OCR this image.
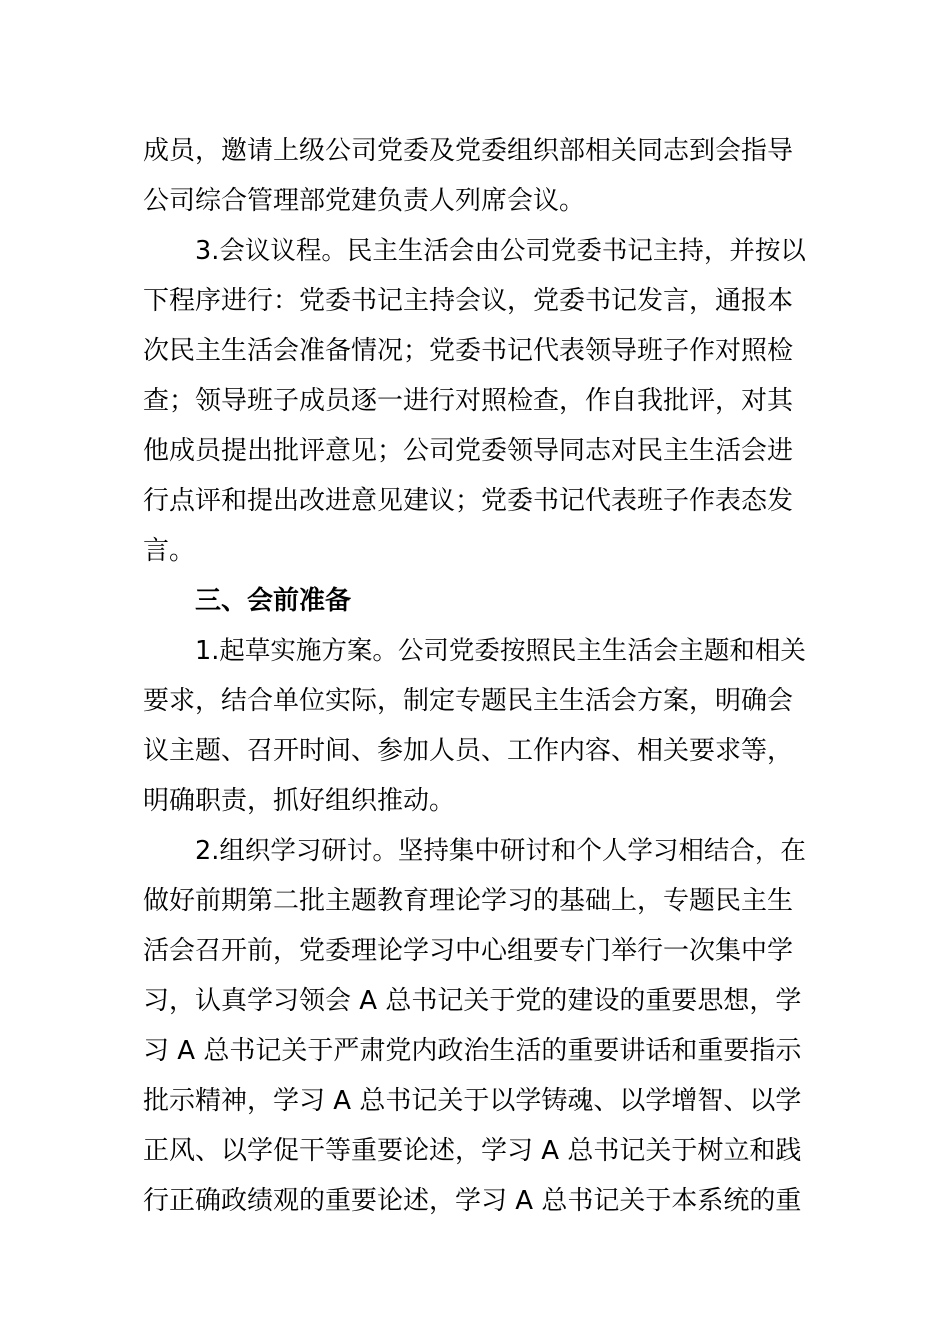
成员，邀请上级公司党委及党委组织部相关同志到会指导
公司综合管理部党建负责人列席会议。
3.会议议程。民主生活会由公司党委书记主持，并按以
下程序进行：党委书记主持会议，党委书记发言，通报本
次民主生活会准备情况；党委书记代表领导班子作对照检
查；领导班子成员逐一进行对照检查，作自我批评，对其
他成员提出批评意见；公司党委领导同志对民主生活会进
行点评和提出改进意见建议；党委书记代表班子作表态发
言。
三、会前准备
1.起草实施方案。公司党委按照民主生活会主题和相关
要求，结合单位实际，制定专题民主生活会方案，明确会
议主题、召开时间、参加人员、工作内容、相关要求等，
明确职责，抓好组织推动。
2.组织学习研讨。坚持集中研讨和个人学习相结合，在
做好前期第二批主题教育理论学习的基础上，专题民主生
活会召开前，党委理论学习中心组要专门举行一次集中学
习，认真学习领会 A 总书记关于党的建设的重要思想，学
习 A 总书记关于严肃党内政治生活的重要讲话和重要指示
批示精神，学习 A 总书记关于以学铸魂、以学增智、以学
正风、以学促干等重要论述，学习 A 总书记关于树立和践
行正确政绩观的重要论述，学习 A 总书记关于本系统的重
